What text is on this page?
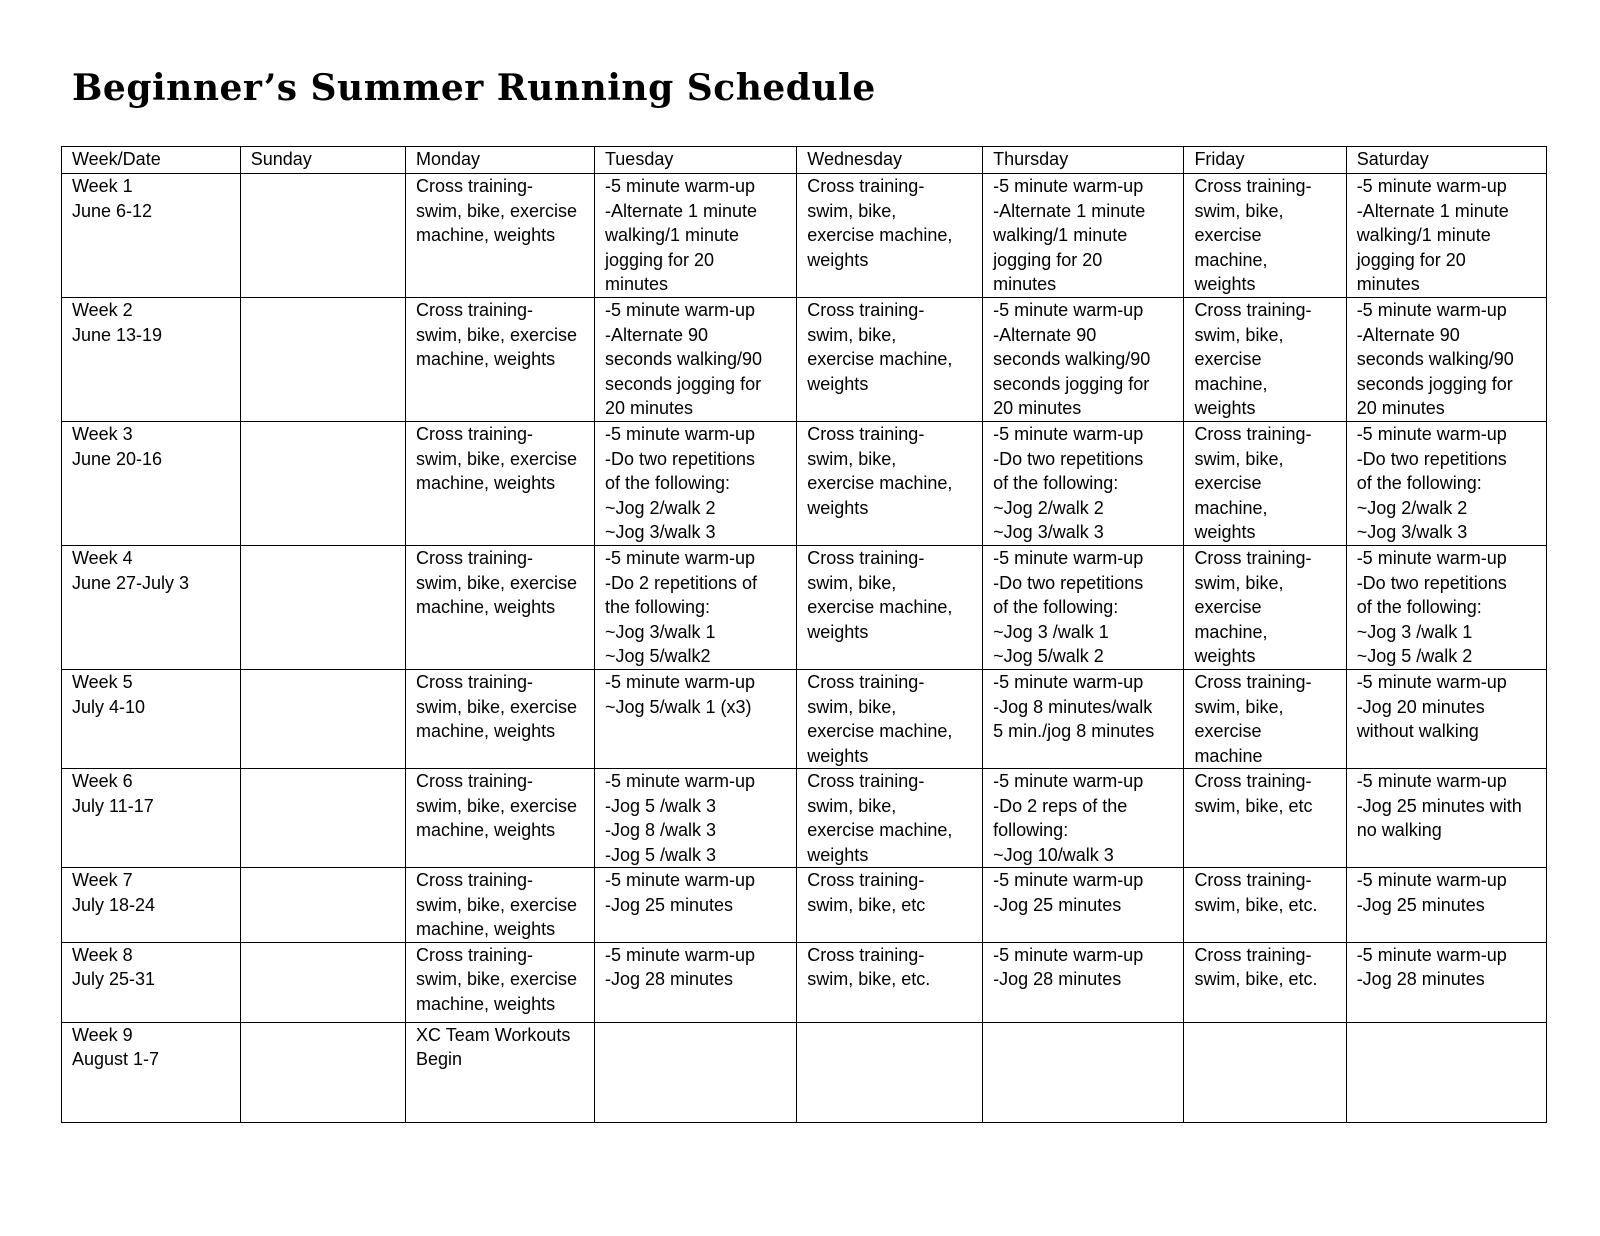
Beginner’s Summer Running Schedule
Week/Date	Sunday	Monday	Tuesday	Wednesday	Thursday	Friday	Saturday

Week 1
June 6-12		Cross training-
swim, bike, exercise
machine, weights	-5 minute warm-up
-Alternate 1 minute
walking/1 minute
jogging for 20
minutes	Cross training-
swim, bike,
exercise machine,
weights	-5 minute warm-up
-Alternate 1 minute
walking/1 minute
jogging for 20
minutes	Cross training-
swim, bike,
exercise
machine,
weights	-5 minute warm-up
-Alternate 1 minute
walking/1 minute
jogging for 20
minutes

Week 2
June 13-19		Cross training-
swim, bike, exercise
machine, weights	-5 minute warm-up
-Alternate 90
seconds walking/90
seconds jogging for
20 minutes	Cross training-
swim, bike,
exercise machine,
weights	-5 minute warm-up
-Alternate 90
seconds walking/90
seconds jogging for
20 minutes	Cross training-
swim, bike,
exercise
machine,
weights	-5 minute warm-up
-Alternate 90
seconds walking/90
seconds jogging for
20 minutes

Week 3
June 20-16		Cross training-
swim, bike, exercise
machine, weights	-5 minute warm-up
-Do two repetitions
of the following:
~Jog 2/walk 2
~Jog 3/walk 3	Cross training-
swim, bike,
exercise machine,
weights	-5 minute warm-up
-Do two repetitions
of the following:
~Jog 2/walk 2
~Jog 3/walk 3	Cross training-
swim, bike,
exercise
machine,
weights	-5 minute warm-up
-Do two repetitions
of the following:
~Jog 2/walk 2
~Jog 3/walk 3

Week 4
June 27-July 3		Cross training-
swim, bike, exercise
machine, weights	-5 minute warm-up
-Do 2 repetitions of
the following:
~Jog 3/walk 1
~Jog 5/walk2	Cross training-
swim, bike,
exercise machine,
weights	-5 minute warm-up
-Do two repetitions
of the following:
~Jog 3 /walk 1
~Jog 5/walk 2	Cross training-
swim, bike,
exercise
machine,
weights	-5 minute warm-up
-Do two repetitions
of the following:
~Jog 3 /walk 1
~Jog 5 /walk 2

Week 5
July 4-10		Cross training-
swim, bike, exercise
machine, weights	-5 minute warm-up
~Jog 5/walk 1 (x3)	Cross training-
swim, bike,
exercise machine,
weights	-5 minute warm-up
-Jog 8 minutes/walk
5 min./jog 8 minutes	Cross training-
swim, bike,
exercise
machine	-5 minute warm-up
-Jog 20 minutes
without walking

Week 6
July 11-17		Cross training-
swim, bike, exercise
machine, weights	-5 minute warm-up
-Jog 5 /walk 3
-Jog 8 /walk 3
-Jog 5 /walk 3	Cross training-
swim, bike,
exercise machine,
weights	-5 minute warm-up
-Do 2 reps of the
following:
~Jog 10/walk 3	Cross training-
swim, bike, etc	-5 minute warm-up
-Jog 25 minutes with
no walking

Week 7
July 18-24		Cross training-
swim, bike, exercise
machine, weights	-5 minute warm-up
-Jog 25 minutes	Cross training-
swim, bike, etc	-5 minute warm-up
-Jog 25 minutes	Cross training-
swim, bike, etc.	-5 minute warm-up
-Jog 25 minutes

Week 8
July 25-31		Cross training-
swim, bike, exercise
machine, weights	-5 minute warm-up
-Jog 28 minutes	Cross training-
swim, bike, etc.	-5 minute warm-up
-Jog 28 minutes	Cross training-
swim, bike, etc.	-5 minute warm-up
-Jog 28 minutes

Week 9
August 1-7		XC Team Workouts
Begin					
